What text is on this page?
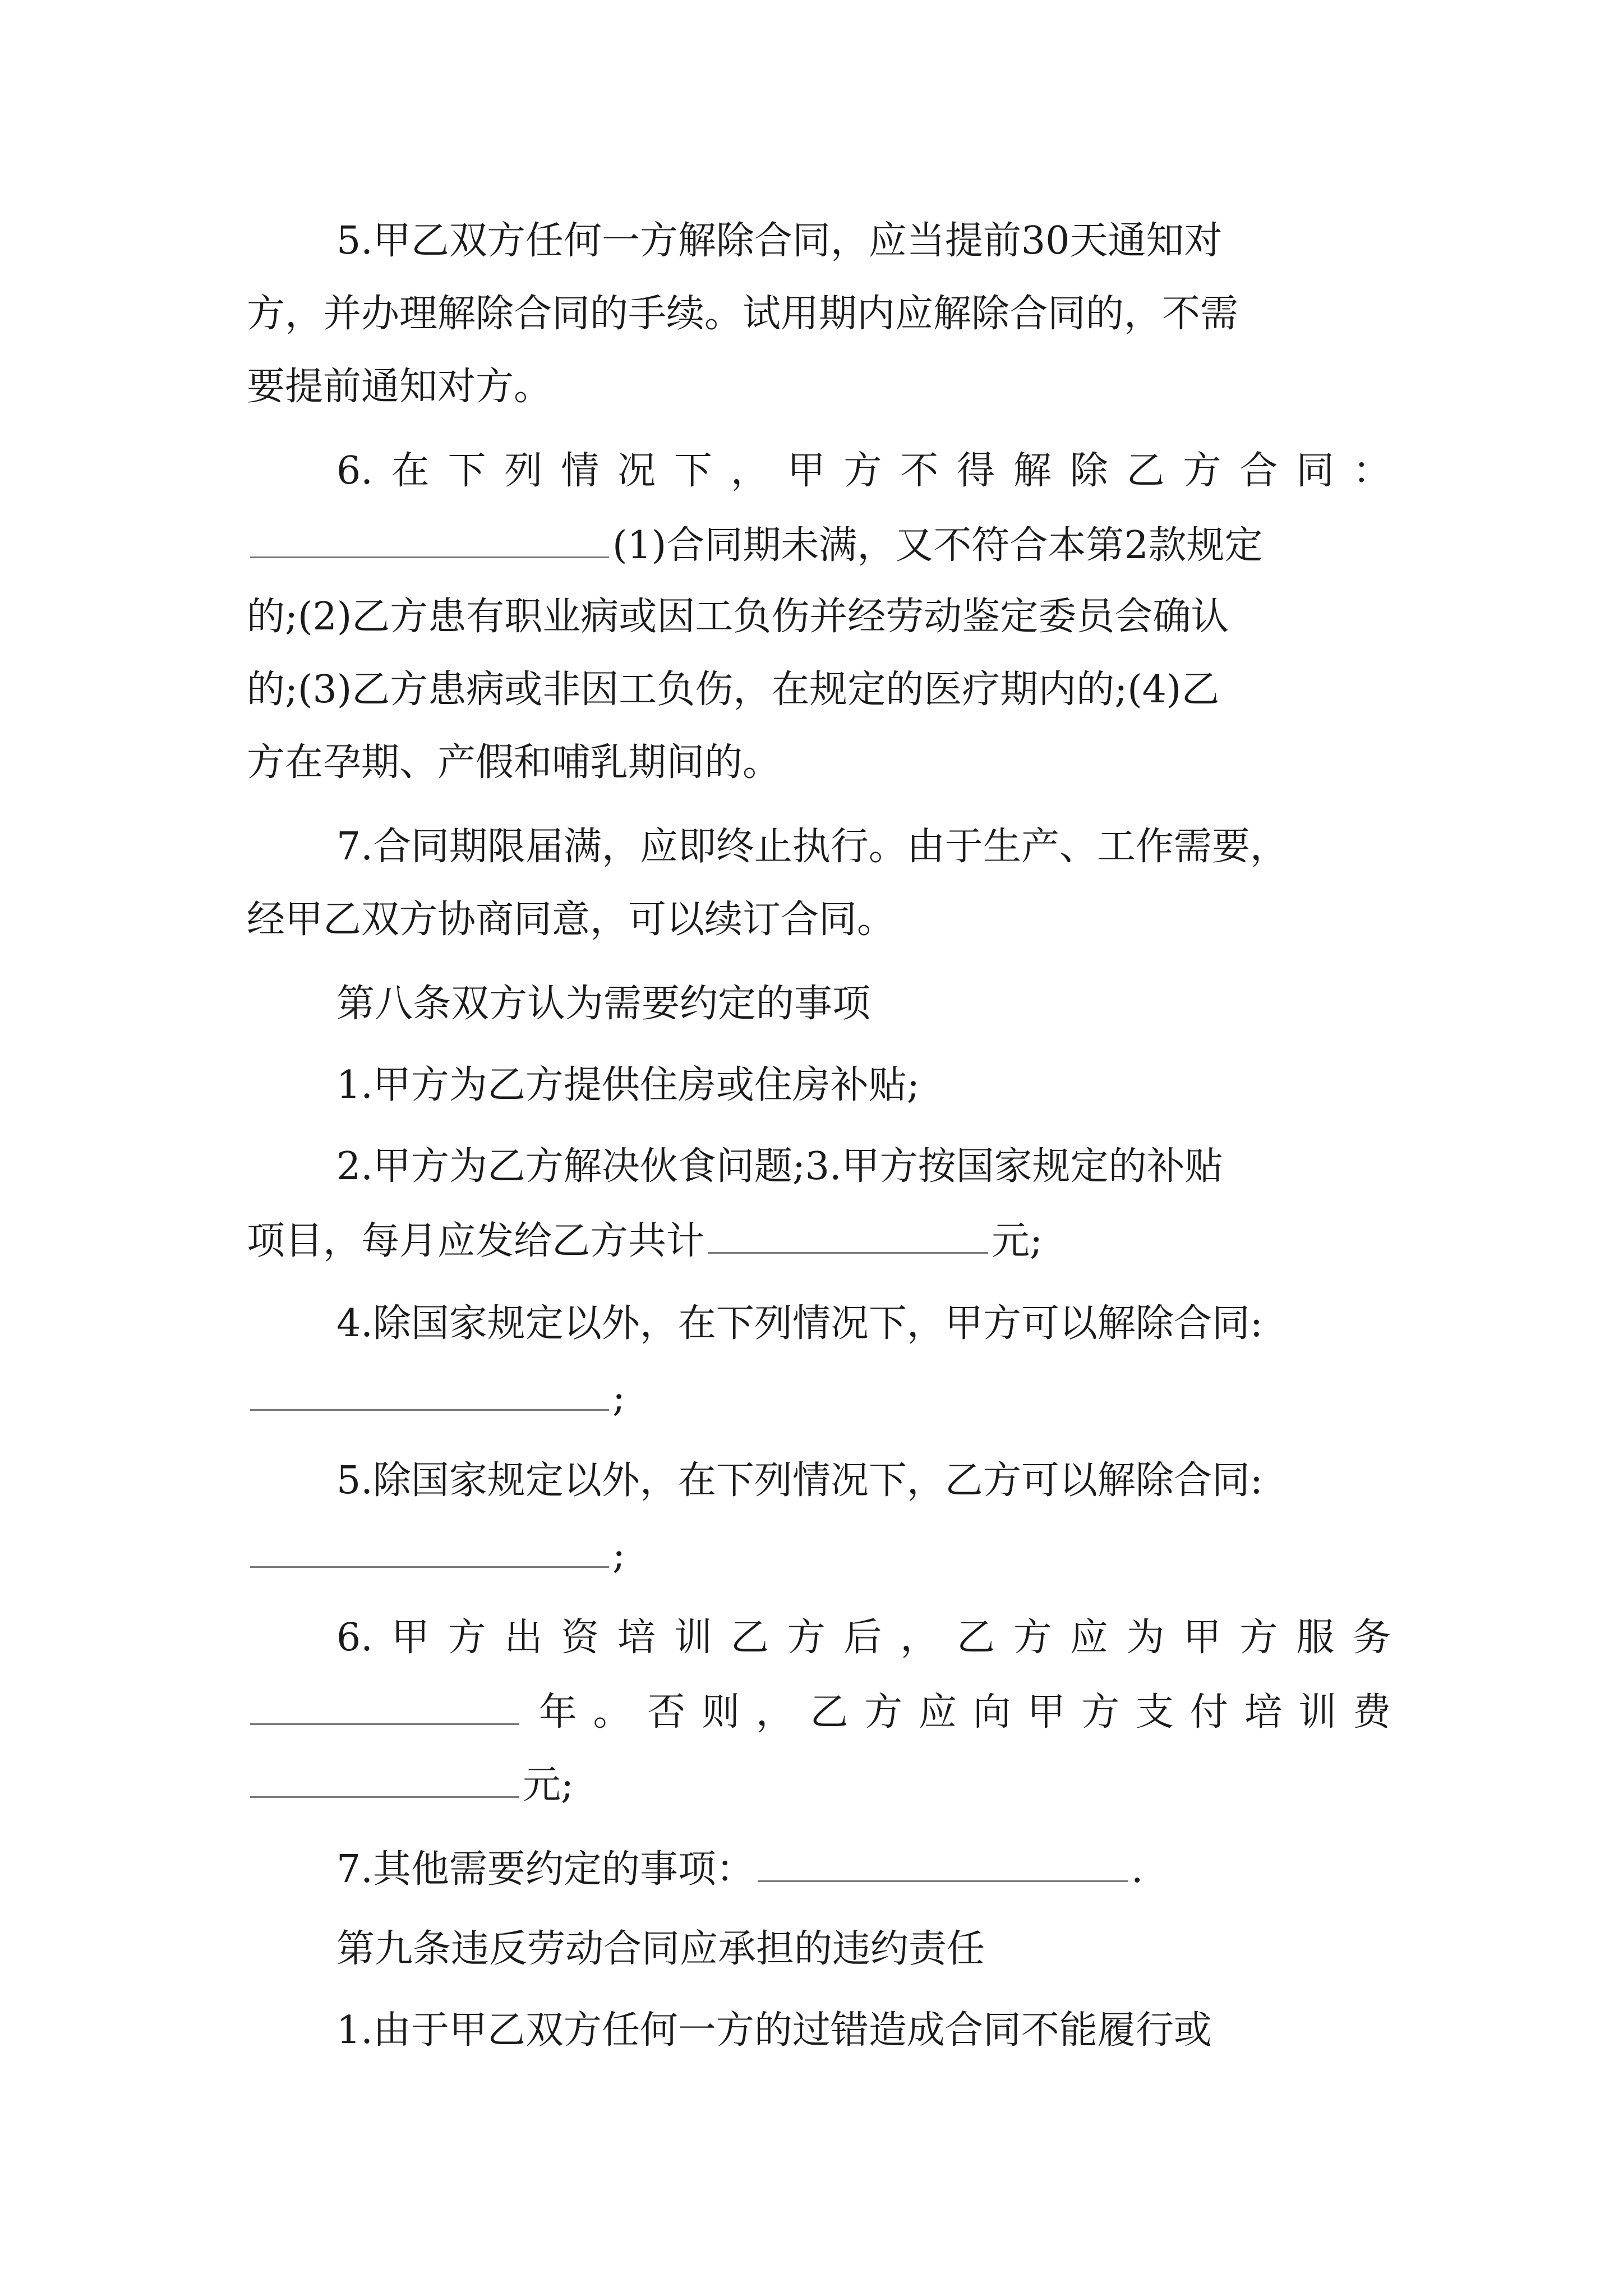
5.甲乙双方任何一方解除合同，应当提前30天通知对
方，并办理解除合同的手续。试用期内应解除合同的，不需
要提前通知对方。
6.在下列情况下，甲方不得解除乙方合同：
(1)合同期未满，又不符合本第2款规定
的;(2)乙方患有职业病或因工负伤并经劳动鉴定委员会确认
的;(3)乙方患病或非因工负伤，在规定的医疗期内的;(4)乙
方在孕期、产假和哺乳期间的。
7.合同期限届满，应即终止执行。由于生产、工作需要，
经甲乙双方协商同意，可以续订合同。
第八条双方认为需要约定的事项
1.甲方为乙方提供住房或住房补贴;
2.甲方为乙方解决伙食问题;3.甲方按国家规定的补贴
项目，每月应发给乙方共计	元;
4.除国家规定以外，在下列情况下，甲方可以解除合同:
;
5.除国家规定以外，在下列情况下，乙方可以解除合同:
;
6.甲方出资培训乙方后，乙方应为甲方服务
年。否则，乙方应向甲方支付培训费
元;
7.其他需要约定的事项：	.
第九条违反劳动合同应承担的违约责任
1.由于甲乙双方任何一方的过错造成合同不能履行或
